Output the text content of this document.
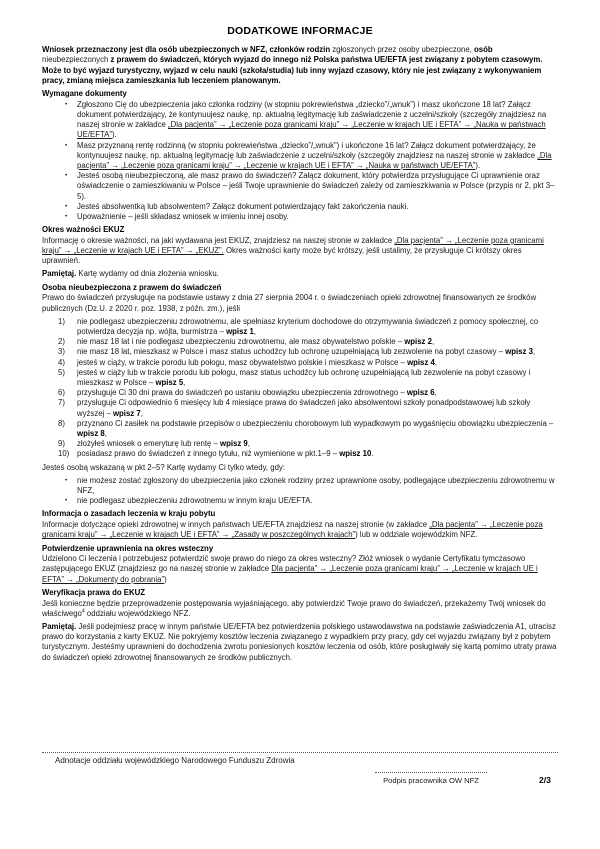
DODATKOWE INFORMACJE
Wniosek przeznaczony jest dla osób ubezpieczonych w NFZ, członków rodzin zgłoszonych przez osoby ubezpieczone, osób nieubezpieczonych z prawem do świadczeń, których wyjazd do innego niż Polska państwa UE/EFTA jest związany z pobytem czasowym. Może to być wyjazd turystyczny, wyjazd w celu nauki (szkoła/studia) lub inny wyjazd czasowy, który nie jest związany z wykonywaniem pracy, zmianą miejsca zamieszkania lub leczeniem planowanym.
Wymagane dokumenty
•	Zgłoszono Cię do ubezpieczenia jako członka rodziny (w stopniu pokrewieństwa „dziecko”/„wnuk”) i masz ukończone 18 lat? Załącz dokument potwierdzający, że kontynuujesz naukę, np. aktualną legitymację lub zaświadczenie z uczelni/szkoły (szczegóły znajdziesz na naszej stronie w zakładce „Dla pacjenta” → „Leczenie poza granicami kraju” → „Leczenie w krajach UE i EFTA” → „Nauka w państwach UE/EFTA”).
•	Masz przyznaną rentę rodzinną (w stopniu pokrewieństwa „dziecko”/„wnuk”) i ukończone 16 lat? Załącz dokument potwierdzający, że kontynuujesz naukę, np. aktualną legitymację lub zaświadczenie z uczelni/szkoły (szczegóły znajdziesz na naszej stronie w zakładce „Dla pacjenta” → „Leczenie poza granicami kraju” → „Leczenie w krajach UE i EFTA” → „Nauka w państwach UE/EFTA”).
•	Jesteś osobą nieubezpieczoną, ale masz prawo do świadczeń? Załącz dokument, który potwierdza przysługujące Ci uprawnienie oraz oświadczenie o zamieszkiwaniu w Polsce – jeśli Twoje uprawnienie do świadczeń zależy od zamieszkiwania w Polsce (przypis nr 2, pkt 3–5).
•	Jesteś absolwentką lub absolwentem? Załącz dokument potwierdzający fakt zakończenia nauki.
•	Upoważnienie – jeśli składasz wniosek w imieniu innej osoby.
Okres ważności EKUZ
Informację o okresie ważności, na jaki wydawana jest EKUZ, znajdziesz na naszej stronie w zakładce „Dla pacjenta” → „Leczenie poza granicami kraju” → „Leczenie w krajach UE i EFTA” → „EKUZ”. Okres ważności karty może być krótszy, jeśli ustalimy, że przysługuje Ci krótszy okres uprawnień.
Pamiętaj. Kartę wydamy od dnia złożenia wniosku.
Osoba nieubezpieczona z prawem do świadczeń
Prawo do świadczeń przysługuje na podstawie ustawy z dnia 27 sierpnia 2004 r. o świadczeniach opieki zdrowotnej finansowanych ze środków publicznych (Dz.U. z 2020 r. poz. 1938, z późn. zm.), jeśli
1)	nie podlegasz ubezpieczeniu zdrowotnemu, ale spełniasz kryterium dochodowe do otrzymywania świadczeń z pomocy społecznej, co potwierdza decyzja np. wójta, burmistrza – wpisz 1,
2)	nie masz 18 lat i nie podlegasz ubezpieczeniu zdrowotnemu, ale masz obywatelstwo polskie – wpisz 2,
3)	nie masz 18 lat, mieszkasz w Polsce i masz status uchodźcy lub ochronę uzupełniającą lub zezwolenie na pobyt czasowy – wpisz 3,
4)	jesteś w ciąży, w trakcie porodu lub połogu, masz obywatelstwo polskie i mieszkasz w Polsce – wpisz 4,
5)	jesteś w ciąży lub w trakcie porodu lub połogu, masz status uchodźcy lub ochronę uzupełniającą lub zezwolenie na pobyt czasowy i mieszkasz w Polsce – wpisz 5,
6)	przysługuje Ci 30 dni prawa do świadczeń po ustaniu obowiązku ubezpieczenia zdrowotnego – wpisz 6,
7)	przysługuje Ci odpowiednio 6 miesięcy lub 4 miesiące prawa do świadczeń jako absolwentowi szkoły ponadpodstawowej lub szkoły wyższej – wpisz 7,
8)	przyznano Ci zasiłek na podstawie przepisów o ubezpieczeniu chorobowym lub wypadkowym po wygaśnięciu obowiązku ubezpieczenia – wpisz 8,
9)	złożyłeś wniosek o emeryturę lub rentę – wpisz 9,
10) posiadasz prawo do świadczeń z innego tytułu, niż wymienione w pkt.1–9 – wpisz 10.
Jesteś osobą wskazaną w pkt 2–5? Kartę wydamy Ci tylko wtedy, gdy:
•	nie możesz zostać zgłoszony do ubezpieczenia jako członek rodziny przez uprawnione osoby, podlegające ubezpieczeniu zdrowotnemu w NFZ,
•	nie podlegasz ubezpieczeniu zdrowotnemu w innym kraju UE/EFTA.
Informacja o zasadach leczenia w kraju pobytu
Informacje dotyczące opieki zdrowotnej w innych państwach UE/EFTA znajdziesz na naszej stronie (w zakładce „Dla pacjenta” → „Leczenie poza granicami kraju” → „Leczenie w krajach UE i EFTA” → „Zasady w poszczególnych krajach”) lub w oddziale wojewódzkim NFZ.
Potwierdzenie uprawnienia na okres wsteczny
Udzielono Ci leczenia i potrzebujesz potwierdzić swoje prawo do niego za okres wsteczny? Złóż wniosek o wydanie Certyfikatu tymczasowo zastępującego EKUZ (znajdziesz go na naszej stronie w zakładce Dla pacjenta” → „Leczenie poza granicami kraju” → „Leczenie w krajach UE i EFTA” → „Dokumenty do pobrania”)
Weryfikacja prawa do EKUZ
Jeśli konieczne będzie przeprowadzenie postępowania wyjaśniającego, aby potwierdzić Twoje prawo do świadczeń, przekażemy Twój wniosek do właściwego$^4$ oddziału wojewódzkiego NFZ.
Pamiętaj. Jeśli podejmiesz pracę w innym państwie UE/EFTA bez potwierdzenia polskiego ustawodawstwa na podstawie zaświadczenia A1, utracisz prawo do korzystania z karty EKUZ. Nie pokryjemy kosztów leczenia związanego z wypadkiem przy pracy, gdy cel wyjazdu związany był z pobytem turystycznym. Jesteśmy uprawnieni do dochodzenia zwrotu poniesionych kosztów leczenia od osób, które posługiwały się kartą pomimo utraty prawa do świadczeń opieki zdrowotnej finansowanych ze środków publicznych.
Adnotacje oddziału wojewódzkiego Narodowego Funduszu Zdrowia
Podpis pracownika OW NFZ	2/3
